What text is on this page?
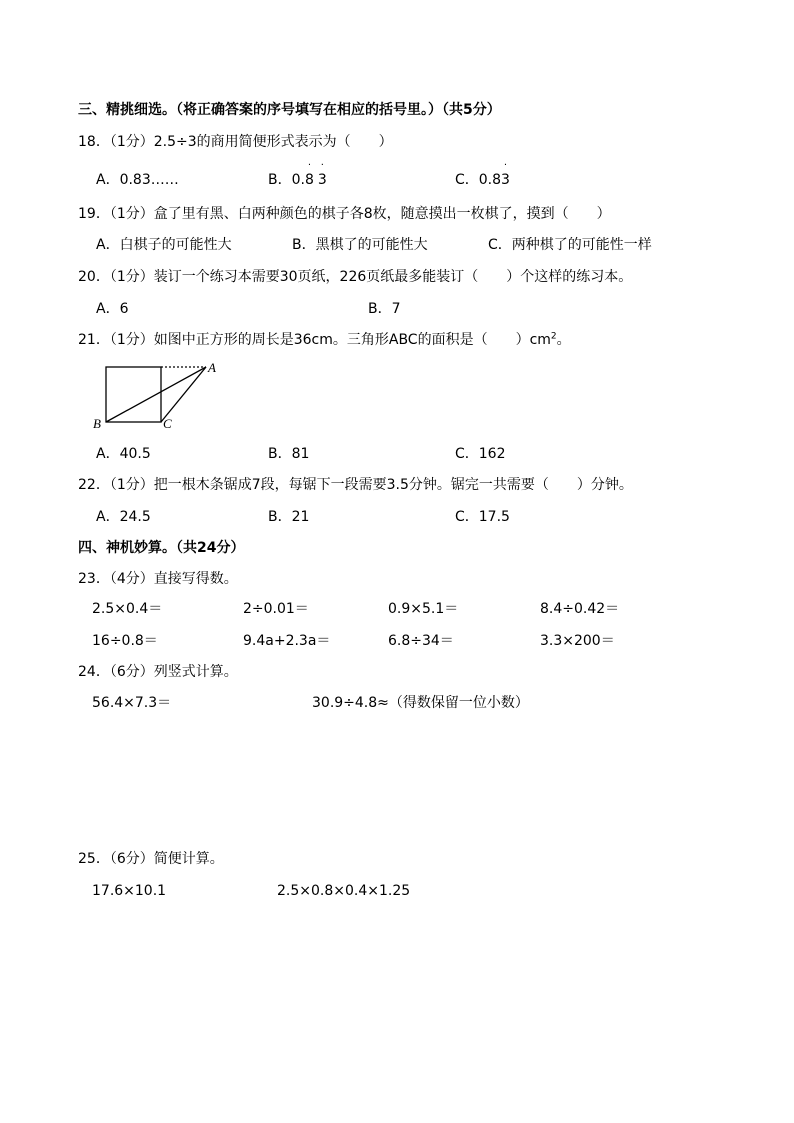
三、精挑细选。（将正确答案的序号填写在相应的括号里。）（共5分）
18．（1分）2.5÷3的商用简便形式表示为（　　）
A．0.83……	B．0.
·
8
·
3	C．0.8
·
3
19．（1分）盒了里有黑、白两种颜色的棋子各8枚，随意摸出一枚棋了，摸到（　　）
A．白棋子的可能性大	B．黑棋了的可能性大	C．两种棋了的可能性一样
20．（1分）装订一个练习本需要30页纸，226页纸最多能装订（　　）个这样的练习本。
A．6	B．7
21．（1分）如图中正方形的周长是36cm。三角形ABC的面积是（　　）$cm^2$。
A
B	C
A．40.5	B．81	C．162
22．（1分）把一根木条锯成7段，每锯下一段需要3.5分钟。锯完一共需要（　　）分钟。
A．24.5	B．21	C．17.5
四、神机妙算。（共24分）
23．（4分）直接写得数。
2.5×0.4＝	2÷0.01＝	0.9×5.1＝	8.4÷0.42＝
16÷0.8＝	9.4a+2.3a＝	6.8÷34＝	3.3×200＝
24．（6分）列竖式计算。
56.4×7.3＝	30.9÷4.8≈（得数保留一位小数）
25．（6分）简便计算。
17.6×10.1	2.5×0.8×0.4×1.25
